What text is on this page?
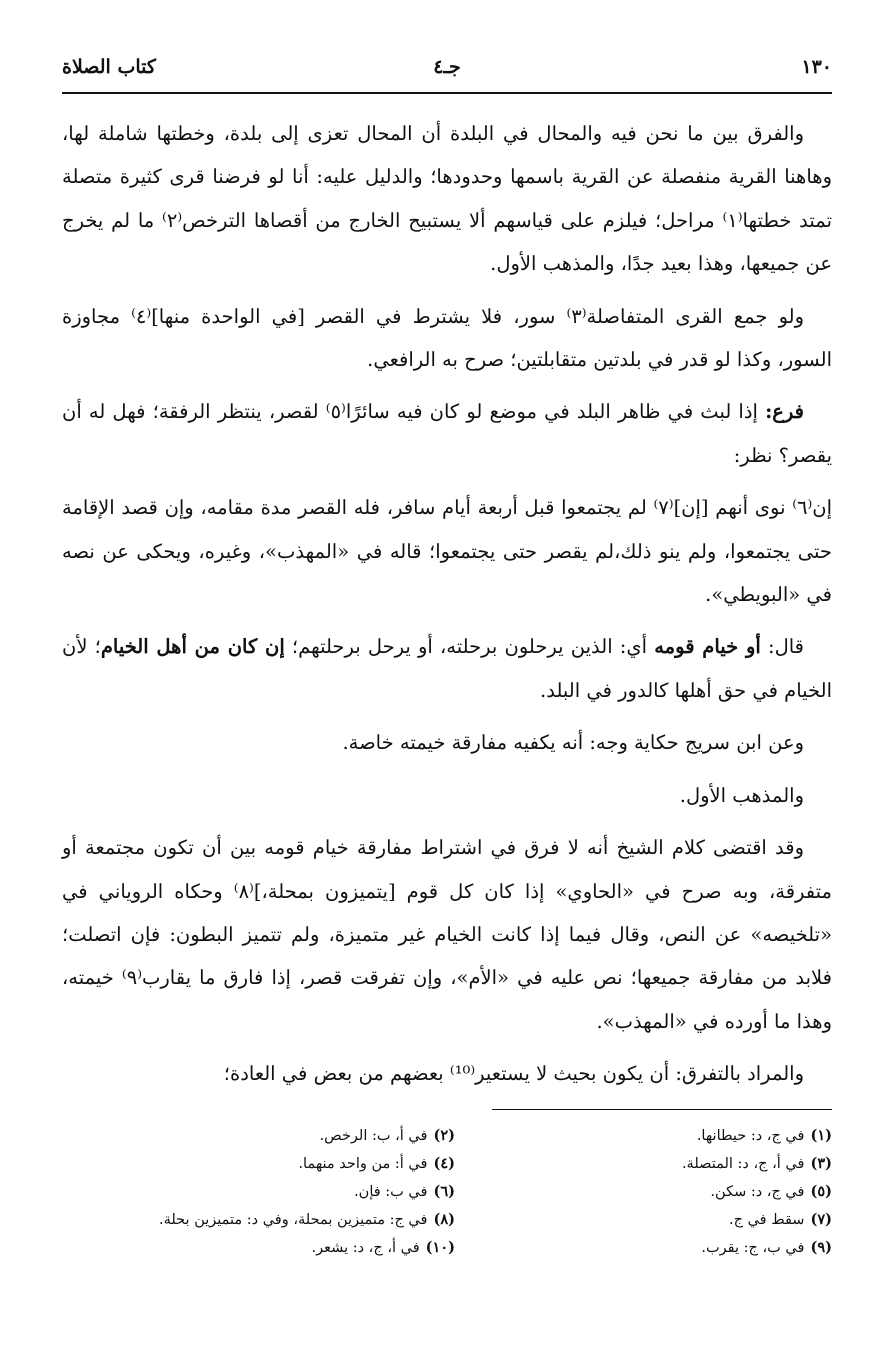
١٣٠
جـ٤
كتاب الصلاة

والفرق بين ما نحن فيه والمحال في البلدة أن المحال تعزى إلى بلدة، وخطتها شاملة لها، وهاهنا القرية منفصلة عن القرية باسمها وحدودها؛ والدليل عليه: أنا لو فرضنا قرى كثيرة متصلة تمتد خطتها⁽١⁾ مراحل؛ فيلزم على قياسهم ألا يستبيح الخارج من أقصاها الترخص⁽٢⁾ ما لم يخرج عن جميعها، وهذا بعيد جدًا، والمذهب الأول.

ولو جمع القرى المتفاصلة⁽٣⁾ سور، فلا يشترط في القصر [في الواحدة منها]⁽٤⁾ مجاوزة السور، وكذا لو قدر في بلدتين متقابلتين؛ صرح به الرافعي.

فرع: إذا لبث في ظاهر البلد في موضع لو كان فيه سائرًا⁽٥⁾ لقصر، ينتظر الرفقة؛ فهل له أن يقصر؟ نظر:

إن⁽٦⁾ نوى أنهم [إن]⁽٧⁾ لم يجتمعوا قبل أربعة أيام سافر، فله القصر مدة مقامه، وإن قصد الإقامة حتى يجتمعوا، ولم ينو ذلك،لم يقصر حتى يجتمعوا؛ قاله في «المهذب»، وغيره، ويحكى عن نصه في «البويطي».

قال: أو خيام قومه أي: الذين يرحلون برحلته، أو يرحل برحلتهم؛ إن كان من أهل الخيام؛ لأن الخيام في حق أهلها كالدور في البلد.

وعن ابن سريج حكاية وجه: أنه يكفيه مفارقة خيمته خاصة.

والمذهب الأول.

وقد اقتضى كلام الشيخ أنه لا فرق في اشتراط مفارقة خيام قومه بين أن تكون مجتمعة أو متفرقة، وبه صرح في «الحاوي» إذا كان كل قوم [يتميزون بمحلة،]⁽٨⁾ وحكاه الروياني في «تلخيصه» عن النص، وقال فيما إذا كانت الخيام غير متميزة، ولم تتميز البطون: فإن اتصلت؛ فلابد من مفارقة جميعها؛ نص عليه في «الأم»، وإن تفرقت قصر، إذا فارق ما يقارب⁽٩⁾ خيمته، وهذا ما أورده في «المهذب».

والمراد بالتفرق: أن يكون بحيث لا يستعير⁽¹⁰⁾ بعضهم من بعض في العادة؛

(١)في ج، د: حيطانها.
(٣)في أ، ج، د: المتصلة.
(٥)في ج، د: سكن.
(٧)سقط في ج.
(٩)في ب، ج: يقرب.
(٢)في أ، ب: الرخص.
(٤)في أ: من واحد منهما.
(٦)في ب: فإن.
(٨)في ج: متميزين بمحلة، وفي د: متميزين بحلة.
(١٠)في أ، ج، د: يشعر.
